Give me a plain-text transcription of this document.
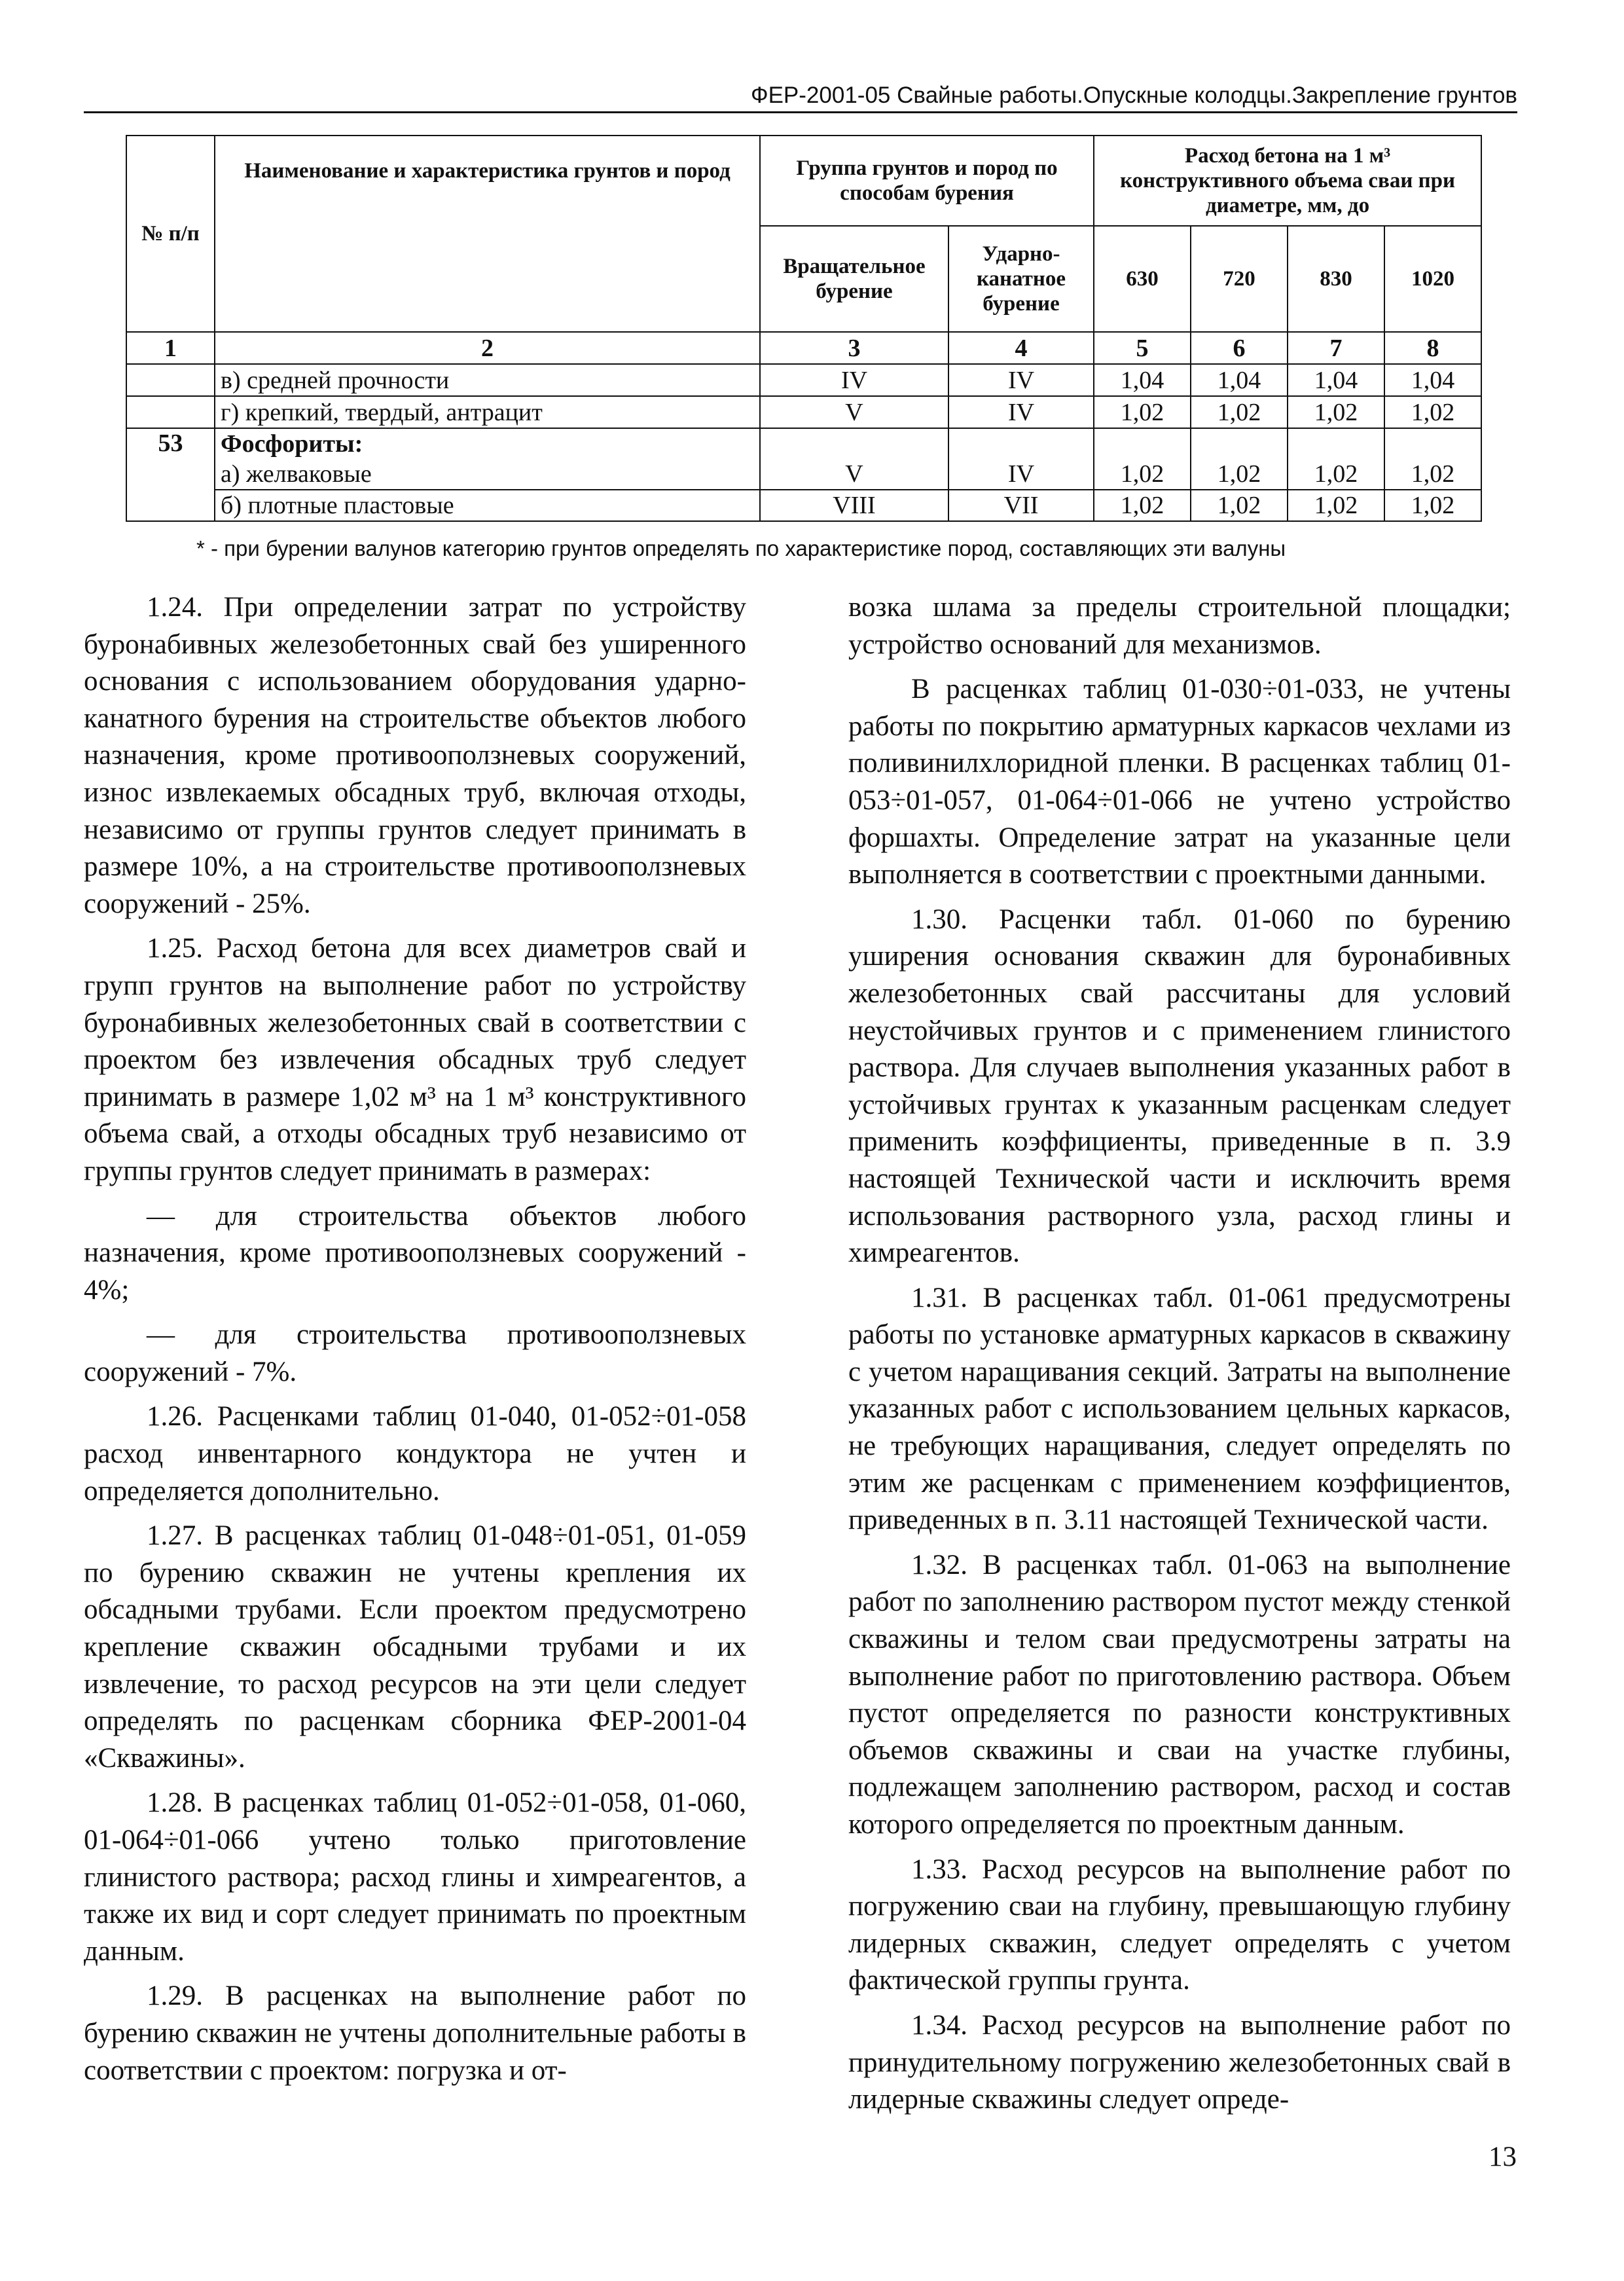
ФЕР-2001-05 Свайные работы.Опускные колодцы.Закрепление грунтов
№ п/п	Наименование и характеристика грунтов и пород	Группа грунтов и пород по способам бурения		Расход бетона на 1 м³ конструктивного объема сваи при диаметре, мм, до			
		Вращательное бурение	Ударно-канатное бурение	630	720	830	1020
1	2	3	4	5	6	7	8
	в) средней прочности	IV	IV	1,04	1,04	1,04	1,04
	г) крепкий, твердый, антрацит	V	IV	1,02	1,02	1,02	1,02
53	Фосфориты:						
	а) желваковые	V	IV	1,02	1,02	1,02	1,02
	б) плотные пластовые	VIII	VII	1,02	1,02	1,02	1,02
* - при бурении валунов категорию грунтов определять по характеристике пород, составляющих эти валуны

1.24. При определении затрат по устройству буронабивных железобетонных свай без уширенного основания с использованием оборудования ударно-канатного бурения на строительстве объектов любого назначения, кроме противооползневых сооружений, износ извлекаемых обсадных труб, включая отходы, независимо от группы грунтов следует принимать в размере 10%, а на строительстве противооползневых сооружений - 25%.

1.25. Расход бетона для всех диаметров свай и групп грунтов на выполнение работ по устройству буронабивных железобетонных свай в соответствии с проектом без извлечения обсадных труб следует принимать в размере 1,02 м³ на 1 м³ конструктивного объема свай, а отходы обсадных труб независимо от группы грунтов следует принимать в размерах:

— для строительства объектов любого назначения, кроме противооползневых сооружений - 4%;

— для строительства противооползневых сооружений - 7%.

1.26. Расценками таблиц 01-040, 01-052÷01-058 расход инвентарного кондуктора не учтен и определяется дополнительно.

1.27. В расценках таблиц 01-048÷01-051, 01-059 по бурению скважин не учтены крепления их обсадными трубами. Если проектом предусмотрено крепление скважин обсадными трубами и их извлечение, то расход ресурсов на эти цели следует определять по расценкам сборника ФЕР-2001-04 «Скважины».

1.28. В расценках таблиц 01-052÷01-058, 01-060, 01-064÷01-066 учтено только приготовление глинистого раствора; расход глины и химреагентов, а также их вид и сорт следует принимать по проектным данным.

1.29. В расценках на выполнение работ по бурению скважин не учтены дополнительные работы в соответствии с проектом: погрузка и от-

возка шлама за пределы строительной площадки; устройство оснований для механизмов.

В расценках таблиц 01-030÷01-033, не учтены работы по покрытию арматурных каркасов чехлами из поливинилхлоридной пленки. В расценках таблиц 01-053÷01-057, 01-064÷01-066 не учтено устройство форшахты. Определение затрат на указанные цели выполняется в соответствии с проектными данными.

1.30. Расценки табл. 01-060 по бурению уширения основания скважин для буронабивных железобетонных свай рассчитаны для условий неустойчивых грунтов и с применением глинистого раствора. Для случаев выполнения указанных работ в устойчивых грунтах к указанным расценкам следует применить коэффициенты, приведенные в п. 3.9 настоящей Технической части и исключить время использования растворного узла, расход глины и химреагентов.

1.31. В расценках табл. 01-061 предусмотрены работы по установке арматурных каркасов в скважину с учетом наращивания секций. Затраты на выполнение указанных работ с использованием цельных каркасов, не требующих наращивания, следует определять по этим же расценкам с применением коэффициентов, приведенных в п. 3.11 настоящей Технической части.

1.32. В расценках табл. 01-063 на выполнение работ по заполнению раствором пустот между стенкой скважины и телом сваи предусмотрены затраты на выполнение работ по приготовлению раствора. Объем пустот определяется по разности конструктивных объемов скважины и сваи на участке глубины, подлежащем заполнению раствором, расход и состав которого определяется по проектным данным.

1.33. Расход ресурсов на выполнение работ по погружению сваи на глубину, превышающую глубину лидерных скважин, следует определять с учетом фактической группы грунта.

1.34. Расход ресурсов на выполнение работ по принудительному погружению железобетонных свай в лидерные скважины следует опреде-

13
